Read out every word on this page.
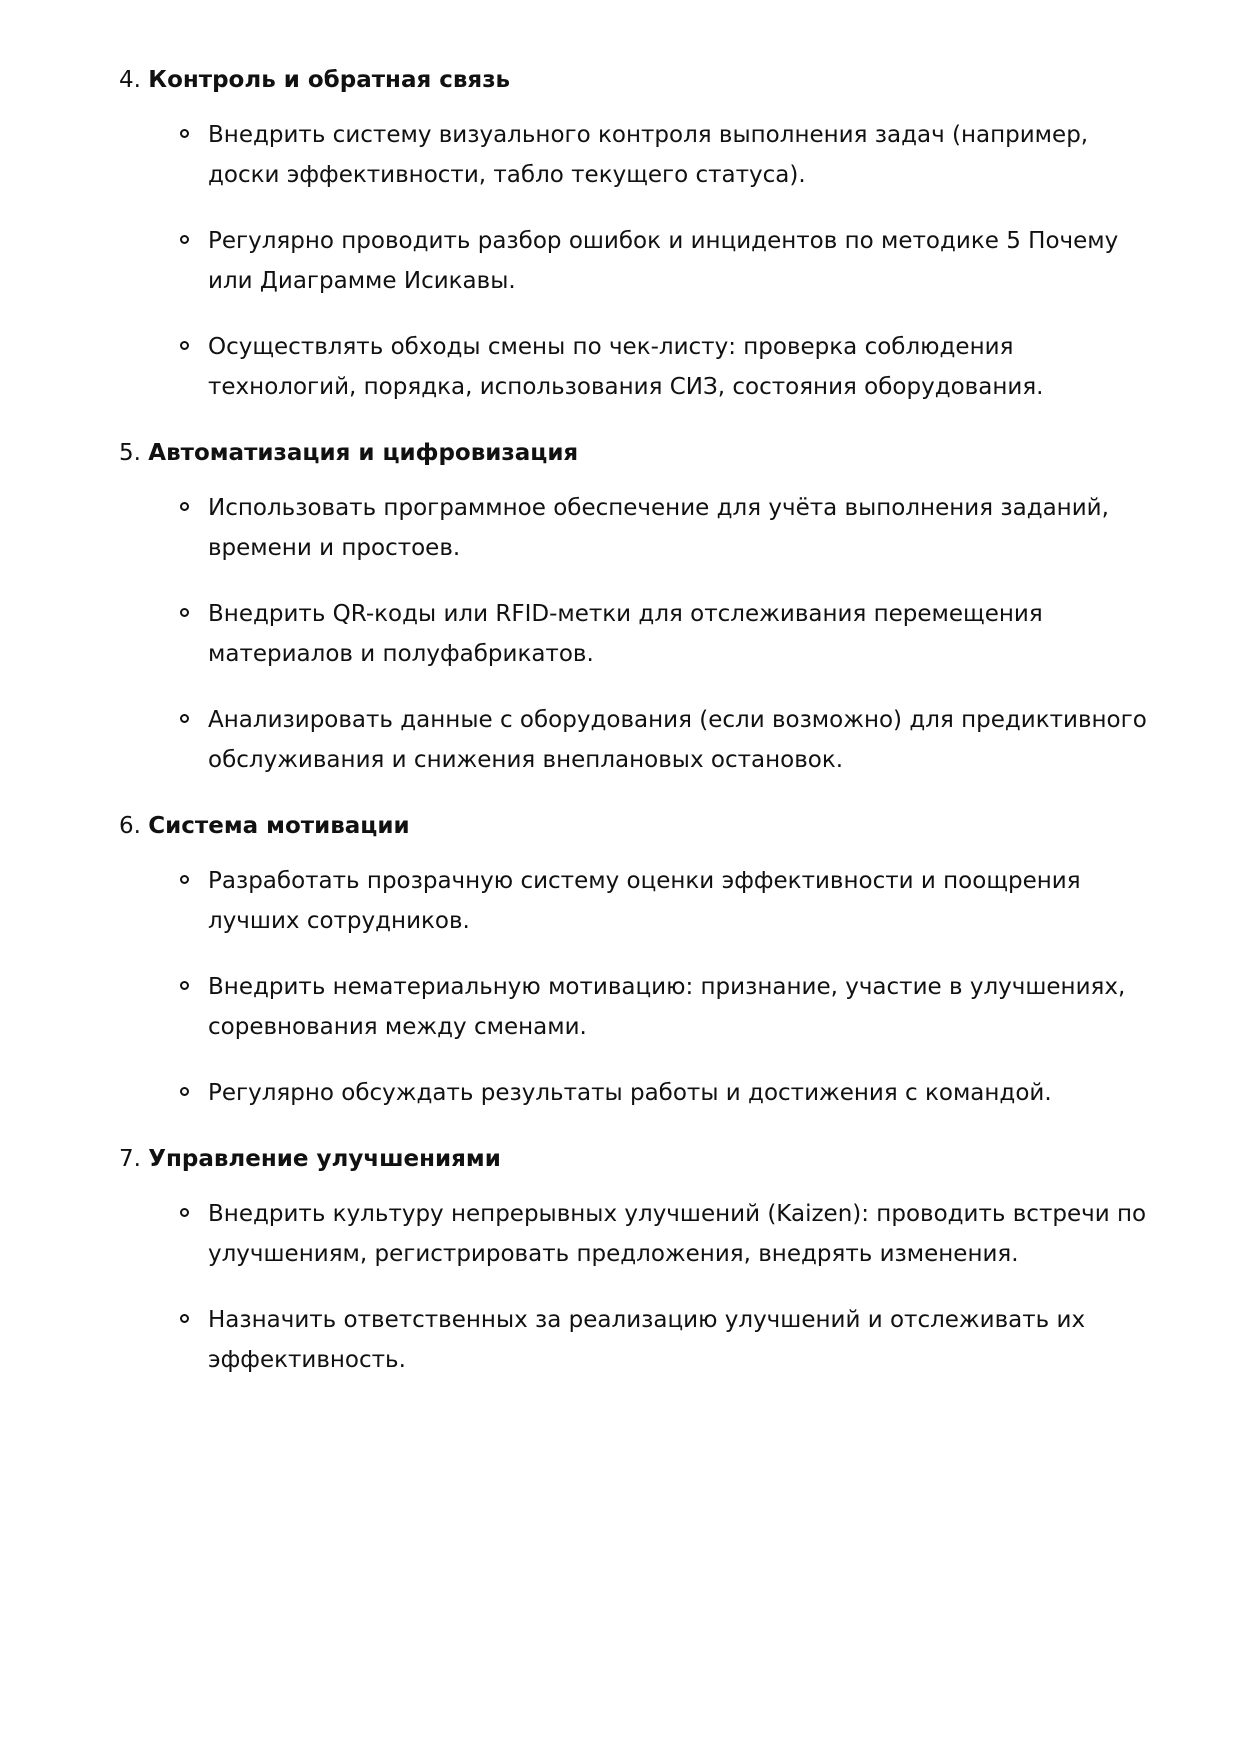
4. Контроль и обратная связь
Внедрить систему визуального контроля выполнения задач (например, доски эффективности, табло текущего статуса).
Регулярно проводить разбор ошибок и инцидентов по методике 5 Почему или Диаграмме Исикавы.
Осуществлять обходы смены по чек-листу: проверка соблюдения технологий, порядка, использования СИЗ, состояния оборудования.
5. Автоматизация и цифровизация
Использовать программное обеспечение для учёта выполнения заданий, времени и простоев.
Внедрить QR-коды или RFID-метки для отслеживания перемещения материалов и полуфабрикатов.
Анализировать данные с оборудования (если возможно) для предиктивного обслуживания и снижения внеплановых остановок.
6. Система мотивации
Разработать прозрачную систему оценки эффективности и поощрения лучших сотрудников.
Внедрить нематериальную мотивацию: признание, участие в улучшениях, соревнования между сменами.
Регулярно обсуждать результаты работы и достижения с командой.
7. Управление улучшениями
Внедрить культуру непрерывных улучшений (Kaizen): проводить встречи по улучшениям, регистрировать предложения, внедрять изменения.
Назначить ответственных за реализацию улучшений и отслеживать их эффективность.
